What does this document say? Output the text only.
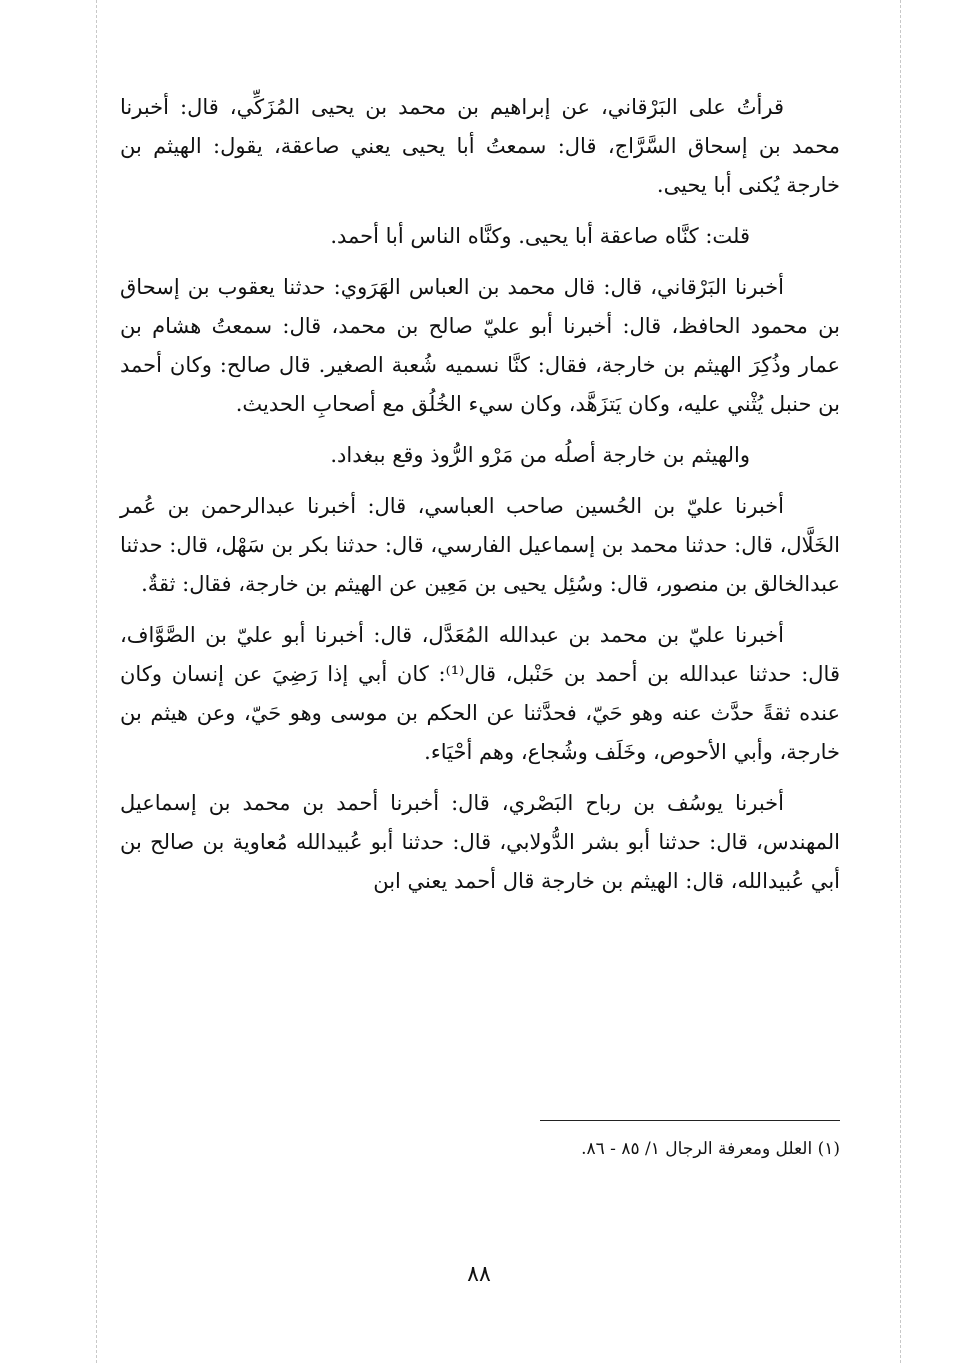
قرأتُ على البَرْقاني، عن إبراهيم بن محمد بن يحيى المُزَكِّي، قال: أخبرنا محمد بن إسحاق السَّرَّاج، قال: سمعتُ أبا يحيى يعني صاعقة، يقول: الهيثم بن خارجة يُكنى أبا يحيى.

قلت: كنَّاه صاعقة أبا يحيى. وكنَّاه الناس أبا أحمد.

أخبرنا البَرْقاني، قال: قال محمد بن العباس الهَرَوي: حدثنا يعقوب بن إسحاق بن محمود الحافظ، قال: أخبرنا أبو عليّ صالح بن محمد، قال: سمعتُ هشام بن عمار وذُكِرَ الهيثم بن خارجة، فقال: كنَّا نسميه شُعبة الصغير. قال صالح: وكان أحمد بن حنبل يُثْني عليه، وكان يَتزَهَّد، وكان سيء الخُلُق مع أصحابِ الحديث.

والهيثم بن خارجة أصلُه من مَرْو الرُّوذ وقع ببغداد.

أخبرنا عليّ بن الحُسين صاحب العباسي، قال: أخبرنا عبدالرحمن بن عُمر الخَلَّال، قال: حدثنا محمد بن إسماعيل الفارسي، قال: حدثنا بكر بن سَهْل، قال: حدثنا عبدالخالق بن منصور، قال: وسُئِل يحيى بن مَعِين عن الهيثم بن خارجة، فقال: ثقةٌ.

أخبرنا عليّ بن محمد بن عبدالله المُعَدَّل، قال: أخبرنا أبو عليّ بن الصَّوَّاف، قال: حدثنا عبدالله بن أحمد بن حَنْبل، قال⁽¹⁾: كان أبي إذا رَضِيَ عن إنسان وكان عنده ثقةً حدَّث عنه وهو حَيّ، فحدَّثنا عن الحكم بن موسى وهو حَيّ، وعن هيثم بن خارجة، وأبي الأحوص، وخَلَف وشُجاع، وهم أحْيَاء.

أخبرنا يوسُف بن رباح البَصْري، قال: أخبرنا أحمد بن محمد بن إسماعيل المهندس، قال: حدثنا أبو بشر الدُّولابي، قال: حدثنا أبو عُبيدالله مُعاوية بن صالح بن أبي عُبيدالله، قال: الهيثم بن خارجة قال أحمد يعني ابن

(١) العلل ومعرفة الرجال ١/ ٨٥ - ٨٦.
٨٨
